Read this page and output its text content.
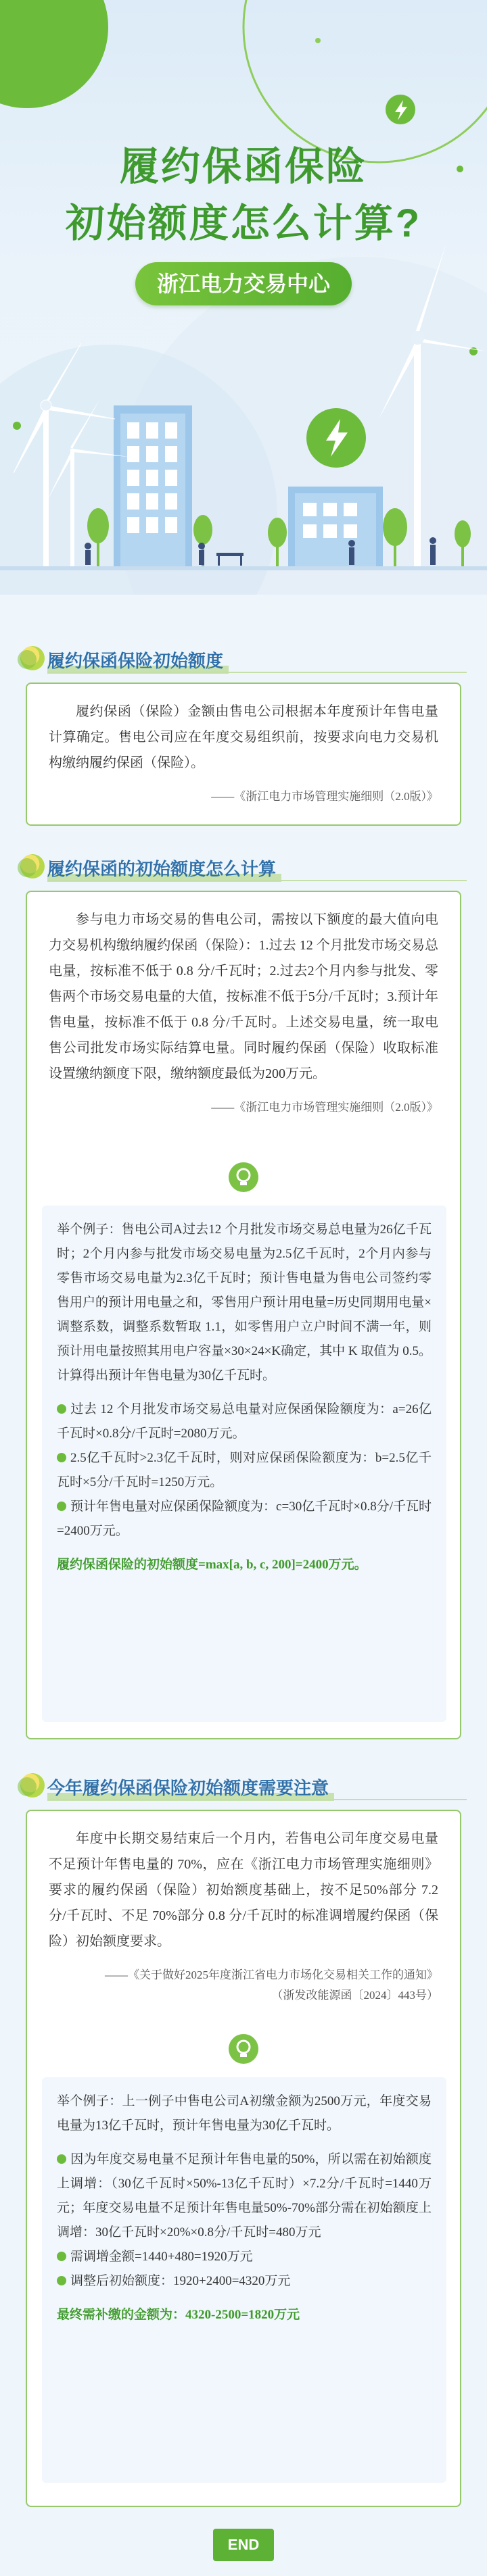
履约保函保险
初始额度怎么计算?
浙江电力交易中心
履约保函保险初始额度

履约保函（保险）金额由售电公司根据本年度预计年售电量计算确定。售电公司应在年度交易组织前，按要求向电力交易机构缴纳履约保函（保险）。

——《浙江电力市场管理实施细则（2.0版）》

履约保函的初始额度怎么计算

参与电力市场交易的售电公司，需按以下额度的最大值向电力交易机构缴纳履约保函（保险）：1.过去 12 个月批发市场交易总电量，按标准不低于 0.8 分/千瓦时；2.过去2个月内参与批发、零售两个市场交易电量的大值，按标准不低于5分/千瓦时；3.预计年售电量，按标准不低于 0.8 分/千瓦时。上述交易电量，统一取电售公司批发市场实际结算电量。同时履约保函（保险）收取标准设置缴纳额度下限，缴纳额度最低为200万元。

——《浙江电力市场管理实施细则（2.0版）》

举个例子：售电公司A过去12 个月批发市场交易总电量为26亿千瓦时；2个月内参与批发市场交易电量为2.5亿千瓦时，2个月内参与零售市场交易电量为2.3亿千瓦时；预计售电量为售电公司签约零售用户的预计用电量之和，零售用户预计用电量=历史同期用电量×调整系数，调整系数暂取 1.1，如零售用户立户时间不满一年，则预计用电量按照其用电户容量×30×24×K确定，其中 K 取值为 0.5。计算得出预计年售电量为30亿千瓦时。

过去 12 个月批发市场交易总电量对应保函保险额度为：a=26亿千瓦时×0.8分/千瓦时=2080万元。

2.5亿千瓦时>2.3亿千瓦时，则对应保函保险额度为：b=2.5亿千瓦时×5分/千瓦时=1250万元。

预计年售电量对应保函保险额度为：c=30亿千瓦时×0.8分/千瓦时=2400万元。

履约保函保险的初始额度=max[a, b, c, 200]=2400万元。

今年履约保函保险初始额度需要注意

年度中长期交易结束后一个月内，若售电公司年度交易电量不足预计年售电量的 70%，应在《浙江电力市场管理实施细则》要求的履约保函（保险）初始额度基础上，按不足50%部分 7.2 分/千瓦时、不足 70%部分 0.8 分/千瓦时的标准调增履约保函（保险）初始额度要求。

——《关于做好2025年度浙江省电力市场化交易相关工作的通知》

（浙发改能源函〔2024〕443号）

举个例子：上一例子中售电公司A初缴金额为2500万元，年度交易电量为13亿千瓦时，预计年售电量为30亿千瓦时。

因为年度交易电量不足预计年售电量的50%，所以需在初始额度上调增：（30亿千瓦时×50%-13亿千瓦时）×7.2分/千瓦时=1440万元；年度交易电量不足预计年售电量50%-70%部分需在初始额度上调增：30亿千瓦时×20%×0.8分/千瓦时=480万元

需调增金额=1440+480=1920万元

调整后初始额度：1920+2400=4320万元

最终需补缴的金额为：4320-2500=1820万元

END
